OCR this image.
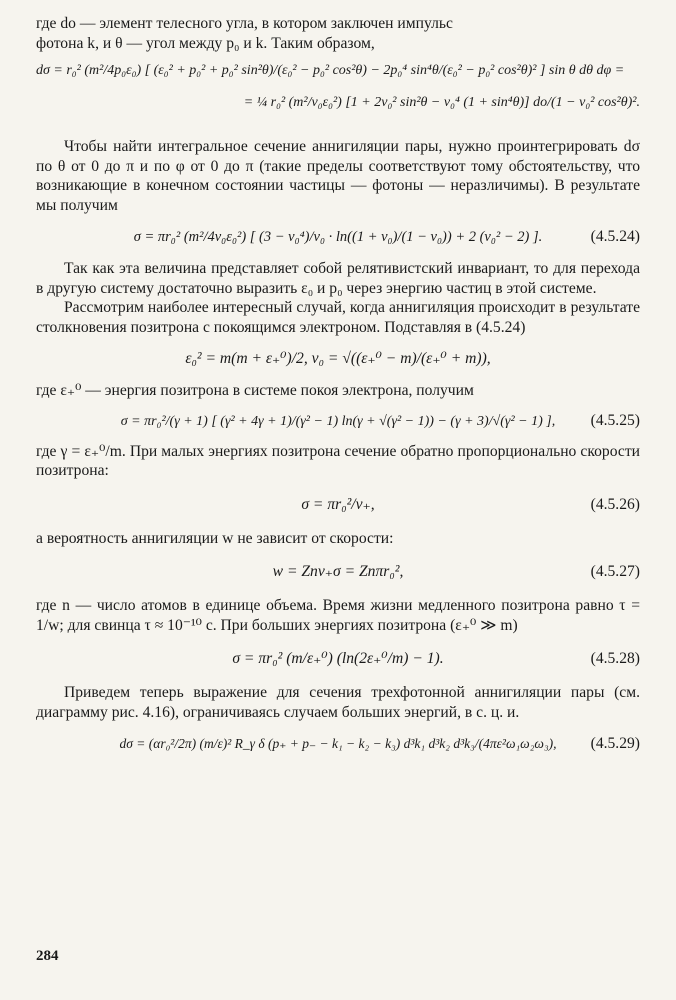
где dо — элемент телесного угла, в котором заключен импульс

фотона k, и θ — угол между p₀ и k. Таким образом,

dσ = r₀² (m²/4p₀ε₀) [ (ε₀² + p₀² + p₀² sin²θ)/(ε₀² − p₀² cos²θ) − 2p₀⁴ sin⁴θ/(ε₀² − p₀² cos²θ)² ] sin θ dθ dφ =
= ¼ r₀² (m²/v₀ε₀²) [1 + 2v₀² sin²θ − v₀⁴ (1 + sin⁴θ)] dо/(1 − v₀² cos²θ)².

Чтобы найти интегральное сечение аннигиляции пары, нужно проинтегрировать dσ по θ от 0 до π и по φ от 0 до π (такие пределы соответствуют тому обстоятельству, что возникающие в конечном состоянии частицы — фотоны — неразличимы). В результате мы получим

σ = πr₀² (m²/4v₀ε₀²) [ (3 − v₀⁴)/v₀ · ln((1 + v₀)/(1 − v₀)) + 2 (v₀² − 2) ].	(4.5.24)

Так как эта величина представляет собой релятивистский инвариант, то для перехода в другую систему достаточно выразить ε₀ и p₀ через энергию частиц в этой системе.

Рассмотрим наиболее интересный случай, когда аннигиляция происходит в результате столкновения позитрона с покоящимся электроном. Подставляя в (4.5.24)

ε₀² = m(m + ε₊⁰)/2, v₀ = √((ε₊⁰ − m)/(ε₊⁰ + m)),

где ε₊⁰ — энергия позитрона в системе покоя электрона, получим

σ = πr₀²/(γ + 1) [ (γ² + 4γ + 1)/(γ² − 1) ln(γ + √(γ² − 1)) − (γ + 3)/√(γ² − 1) ], (4.5.25)

где γ = ε₊⁰/m. При малых энергиях позитрона сечение обратно пропорционально скорости позитрона:

σ = πr₀²/v₊,	(4.5.26)

а вероятность аннигиляции w не зависит от скорости:

w = Znv₊σ = Znπr₀²,	(4.5.27)

где n — число атомов в единице объема. Время жизни медленного позитрона равно τ = 1/w; для свинца τ ≈ 10⁻¹⁰ с. При больших энергиях позитрона (ε₊⁰ ≫ m)

σ = πr₀² (m/ε₊⁰) (ln(2ε₊⁰/m) − 1).	(4.5.28)

Приведем теперь выражение для сечения трехфотонной аннигиляции пары (см. диаграмму рис. 4.16), ограничиваясь случаем больших энергий, в с. ц. и.

dσ = (αr₀²/2π) (m/ε)² R_γ δ (p₊ + p₋ − k₁ − k₂ − k₃) d³k₁ d³k₂ d³k₃/(4πε²ω₁ω₂ω₃), (4.5.29)
284
